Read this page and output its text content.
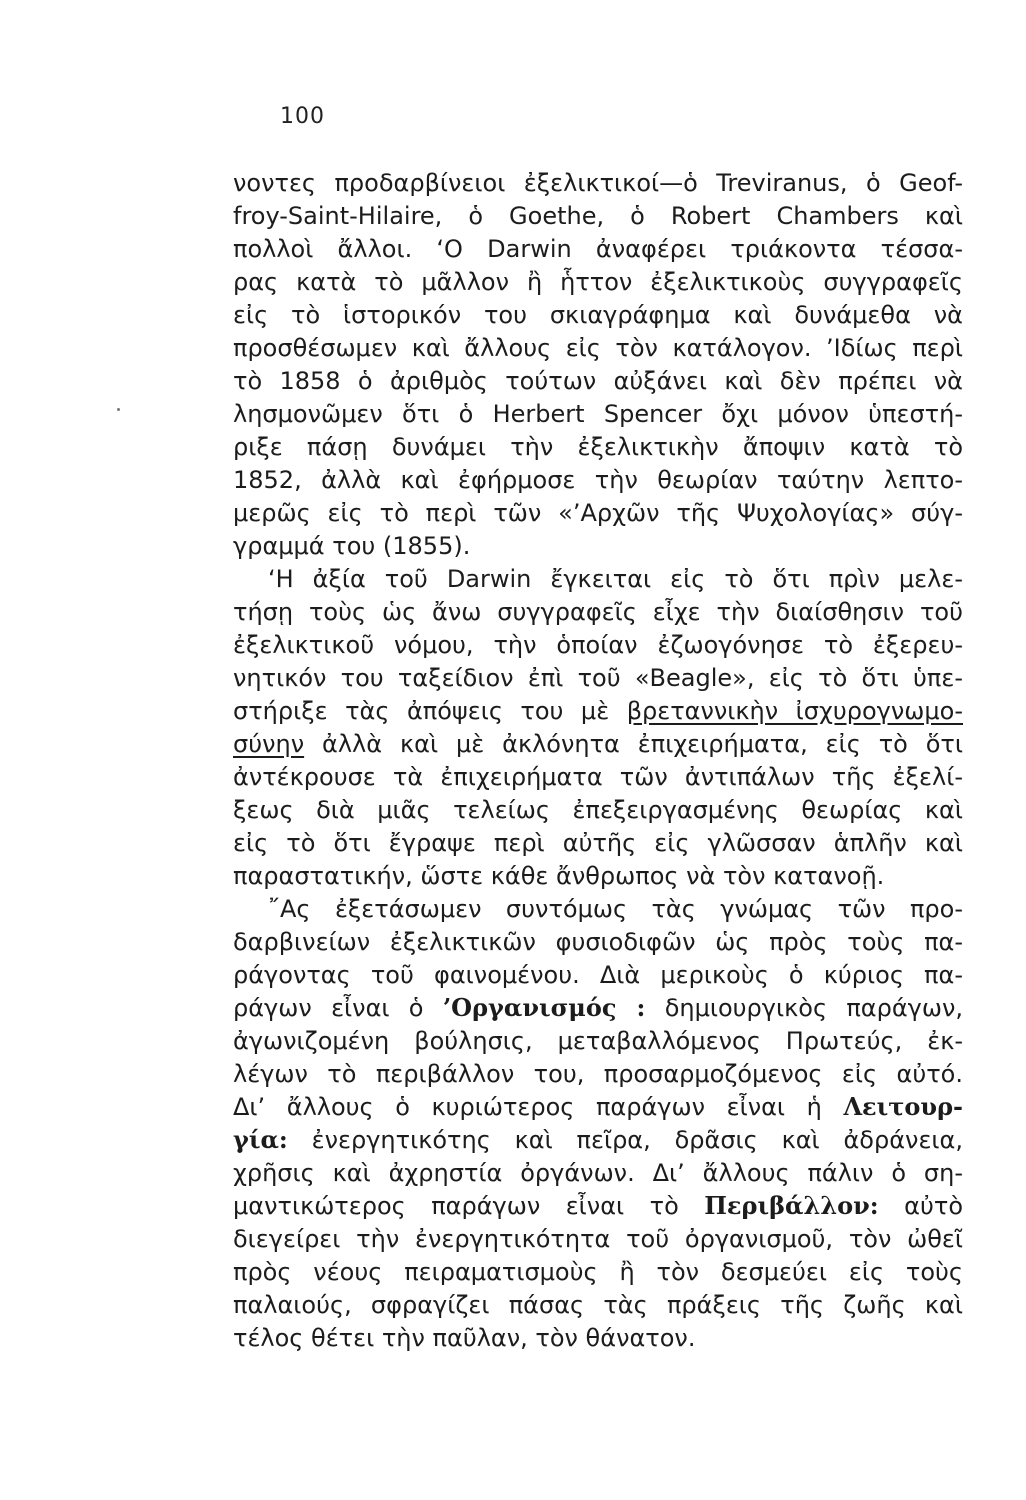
100
νοντες προδαρβίνειοι ἐξελικτικοί—ὁ Treviranus, ὁ Geof-
froy-Saint-Hilaire, ὁ Goethe, ὁ Robert Chambers καὶ
πολλοὶ ἄλλοι. ‘Ο Darwin ἀναφέρει τριάκοντα τέσσα-
ρας κατὰ τὸ μᾶλλον ἢ ἧττον ἐξελικτικοὺς συγγραφεῖς
εἰς τὸ ἱστορικόν του σκιαγράφημα καὶ δυνάμεθα νὰ
προσθέσωμεν καὶ ἄλλους εἰς τὸν κατάλογον. ’Ιδίως περὶ
τὸ 1858 ὁ ἀριθμὸς τούτων αὐξάνει καὶ δὲν πρέπει νὰ
λησμονῶμεν ὅτι ὁ Herbert Spencer ὄχι μόνον ὑπεστή-
ριξε πάσῃ δυνάμει τὴν ἐξελικτικὴν ἄποψιν κατὰ τὸ
1852, ἀλλὰ καὶ ἐφήρμοσε τὴν θεωρίαν ταύτην λεπτο-
μερῶς εἰς τὸ περὶ τῶν «’Αρχῶν τῆς Ψυχολογίας» σύγ-
γραμμά του (1855).
‘Η ἀξία τοῦ Darwin ἔγκειται εἰς τὸ ὅτι πρὶν μελε-
τήσῃ τοὺς ὡς ἄνω συγγραφεῖς εἶχε τὴν διαίσθησιν τοῦ
ἐξελικτικοῦ νόμου, τὴν ὁποίαν ἐζωογόνησε τὸ ἐξερευ-
νητικόν του ταξείδιον ἐπὶ τοῦ «Beagle», εἰς τὸ ὅτι ὑπε-
στήριξε τὰς ἀπόψεις του μὲ βρεταννικὴν ἰσχυρογνωμο-
σύνην ἀλλὰ καὶ μὲ ἀκλόνητα ἐπιχειρήματα, εἰς τὸ ὅτι
ἀντέκρουσε τὰ ἐπιχειρήματα τῶν ἀντιπάλων τῆς ἐξελί-
ξεως διὰ μιᾶς τελείως ἐπεξειργασμένης θεωρίας καὶ
εἰς τὸ ὅτι ἔγραψε περὶ αὐτῆς εἰς γλῶσσαν ἁπλῆν καὶ
παραστατικήν, ὥστε κάθε ἄνθρωπος νὰ τὸν κατανοῇ.
῎Ας ἐξετάσωμεν συντόμως τὰς γνώμας τῶν προ-
δαρβινείων ἐξελικτικῶν φυσιοδιφῶν ὡς πρὸς τοὺς πα-
ράγοντας τοῦ φαινομένου. Διὰ μερικοὺς ὁ κύριος πα-
ράγων εἶναι ὁ ’Οργανισμός : δημιουργικὸς παράγων,
ἀγωνιζομένη βούλησις, μεταβαλλόμενος Πρωτεύς, ἐκ-
λέγων τὸ περιβάλλον του, προσαρμοζόμενος εἰς αὐτό.
Δι’ ἄλλους ὁ κυριώτερος παράγων εἶναι ἡ Λειτουρ-
γία: ἐνεργητικότης καὶ πεῖρα, δρᾶσις καὶ ἀδράνεια,
χρῆσις καὶ ἀχρηστία ὀργάνων. Δι’ ἄλλους πάλιν ὁ ση-
μαντικώτερος παράγων εἶναι τὸ Περιβάλλον: αὐτὸ
διεγείρει τὴν ἐνεργητικότητα τοῦ ὀργανισμοῦ, τὸν ὠθεῖ
πρὸς νέους πειραματισμοὺς ἢ τὸν δεσμεύει εἰς τοὺς
παλαιούς, σφραγίζει πάσας τὰς πράξεις τῆς ζωῆς καὶ
τέλος θέτει τὴν παῦλαν, τὸν θάνατον.
